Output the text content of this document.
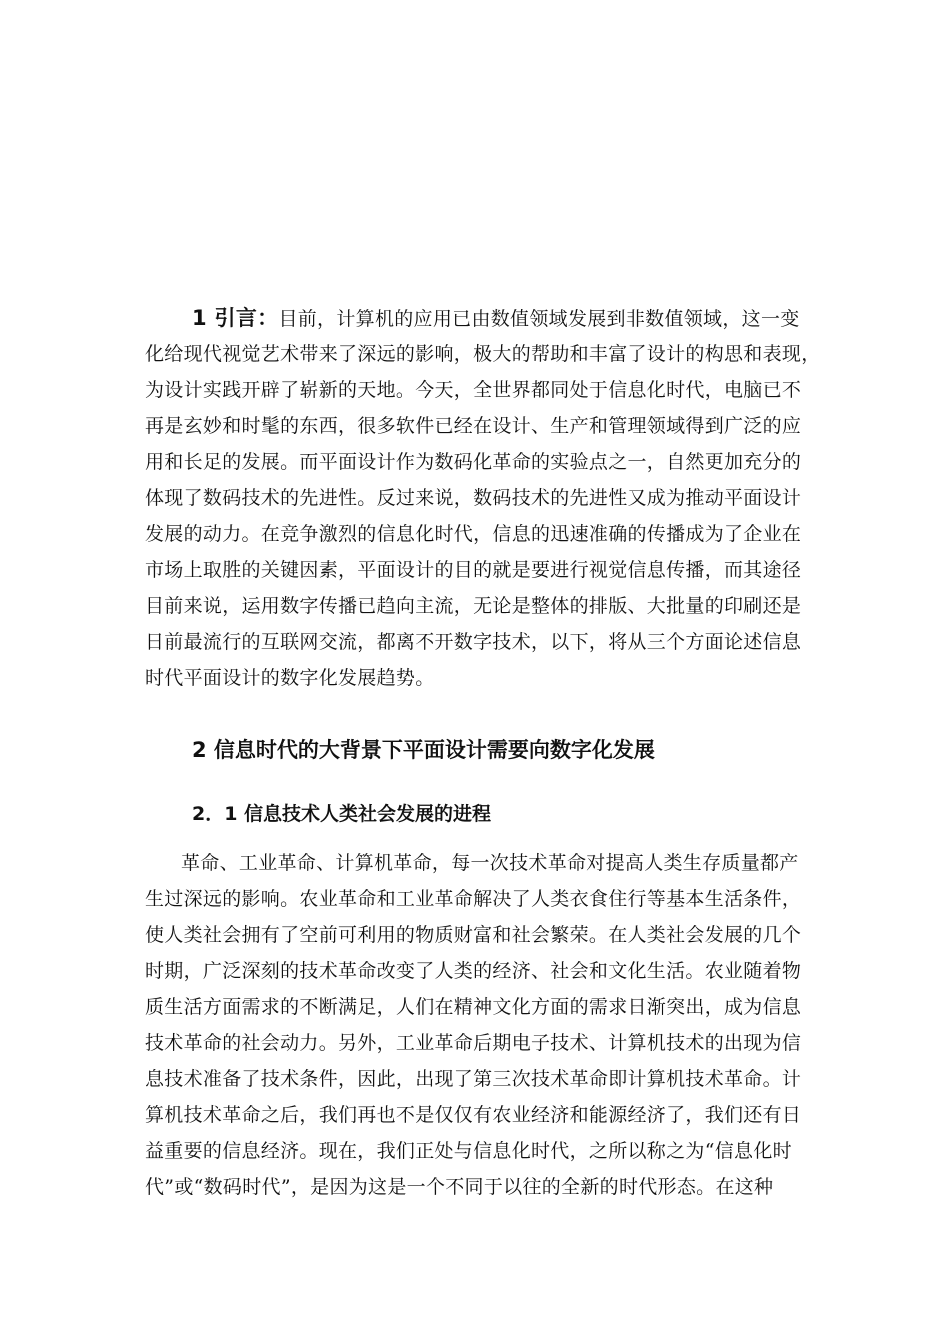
1 引言：目前，计算机的应用已由数值领域发展到非数值领域，这一变
化给现代视觉艺术带来了深远的影响，极大的帮助和丰富了设计的构思和表现，
为设计实践开辟了崭新的天地。今天，全世界都同处于信息化时代，电脑已不
再是玄妙和时髦的东西，很多软件已经在设计、生产和管理领域得到广泛的应
用和长足的发展。而平面设计作为数码化革命的实验点之一，自然更加充分的
体现了数码技术的先进性。反过来说，数码技术的先进性又成为推动平面设计
发展的动力。在竞争激烈的信息化时代，信息的迅速准确的传播成为了企业在
市场上取胜的关键因素，平面设计的目的就是要进行视觉信息传播，而其途径
目前来说，运用数字传播已趋向主流，无论是整体的排版、大批量的印刷还是
日前最流行的互联网交流，都离不开数字技术，以下，将从三个方面论述信息
时代平面设计的数字化发展趋势。
2 信息时代的大背景下平面设计需要向数字化发展
2．1 信息技术人类社会发展的进程
革命、工业革命、计算机革命，每一次技术革命对提高人类生存质量都产
生过深远的影响。农业革命和工业革命解决了人类衣食住行等基本生活条件，
使人类社会拥有了空前可利用的物质财富和社会繁荣。在人类社会发展的几个
时期，广泛深刻的技术革命改变了人类的经济、社会和文化生活。农业随着物
质生活方面需求的不断满足，人们在精神文化方面的需求日渐突出，成为信息
技术革命的社会动力。另外，工业革命后期电子技术、计算机技术的出现为信
息技术准备了技术条件，因此，出现了第三次技术革命即计算机技术革命。计
算机技术革命之后，我们再也不是仅仅有农业经济和能源经济了，我们还有日
益重要的信息经济。现在，我们正处与信息化时代，之所以称之为“信息化时
代”或“数码时代”，是因为这是一个不同于以往的全新的时代形态。在这种
